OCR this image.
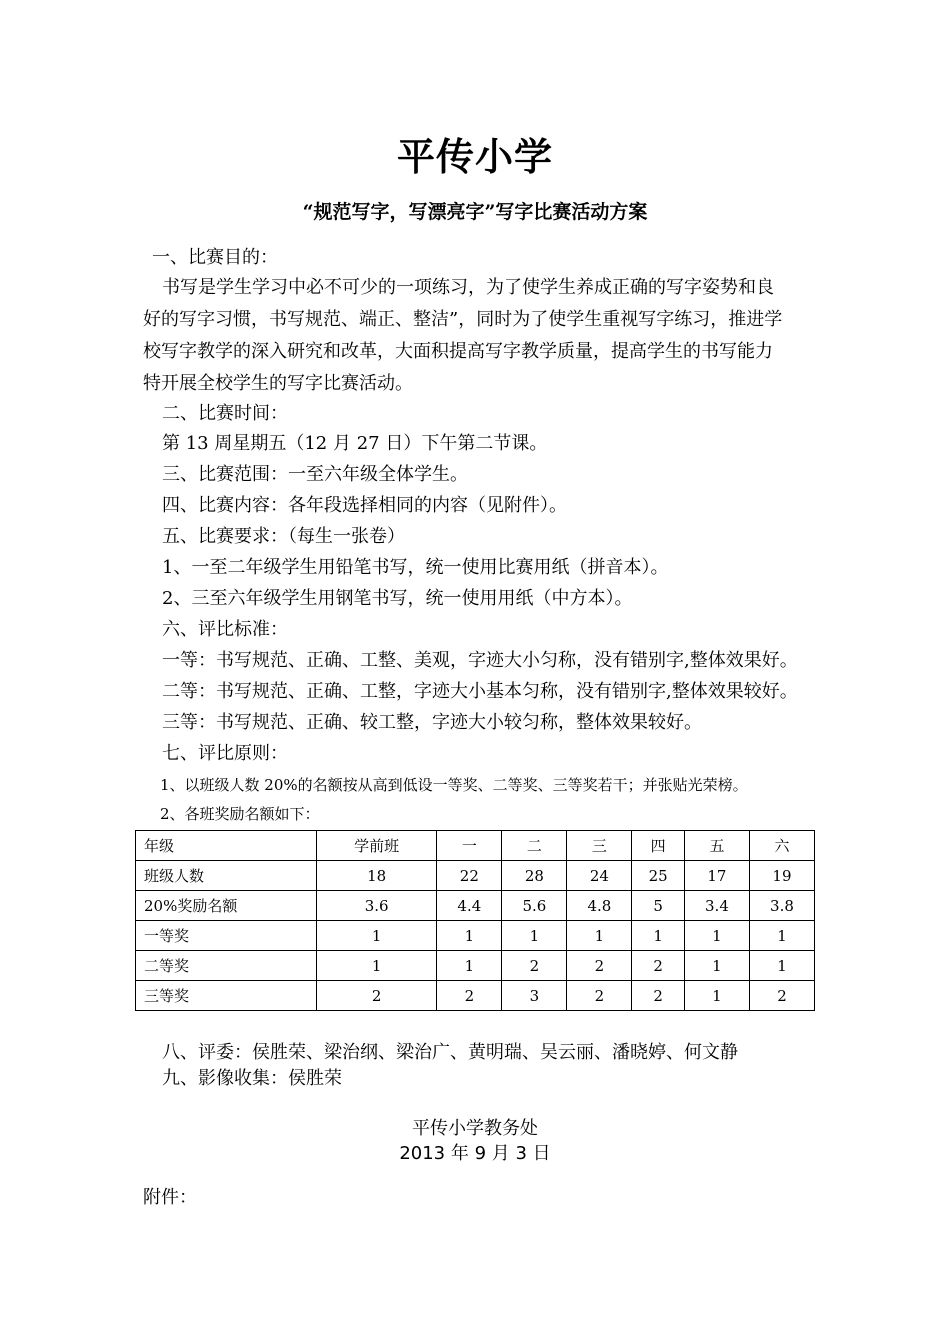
平传小学
“规范写字，写漂亮字”写字比赛活动方案
一、比赛目的：
书写是学生学习中必不可少的一项练习，为了使学生养成正确的写字姿势和良
好的写字习惯，书写规范、端正、整洁”，同时为了使学生重视写字练习，推进学
校写字教学的深入研究和改革，大面积提高写字教学质量，提高学生的书写能力
特开展全校学生的写字比赛活动。
二、比赛时间：
第 13 周星期五（12 月 27 日）下午第二节课。
三、比赛范围：一至六年级全体学生。
四、比赛内容：各年段选择相同的内容（见附件）。
五、比赛要求：（每生一张卷）
1、一至二年级学生用铅笔书写，统一使用比赛用纸（拼音本）。
2、三至六年级学生用钢笔书写，统一使用用纸（中方本）。
六、评比标准：
一等：书写规范、正确、工整、美观，字迹大小匀称，没有错别字,整体效果好。
二等：书写规范、正确、工整，字迹大小基本匀称，没有错别字,整体效果较好。
三等：书写规范、正确、较工整，字迹大小较匀称，整体效果较好。
七、评比原则：
1、以班级人数 20%的名额按从高到低设一等奖、二等奖、三等奖若干；并张贴光荣榜。
2、各班奖励名额如下：
年级	学前班	一	二	三	四	五	六
班级人数	18	22	28	24	25	17	19
20%奖励名额	3.6	4.4	5.6	4.8	5	3.4	3.8
一等奖	1	1	1	1	1	1	1
二等奖	1	1	2	2	2	1	1
三等奖	2	2	3	2	2	1	2
八、评委：侯胜荣、梁治纲、梁治广、黄明瑞、吴云丽、潘晓婷、何文静
九、影像收集：侯胜荣
平传小学教务处
2013 年 9 月 3 日
附件：
